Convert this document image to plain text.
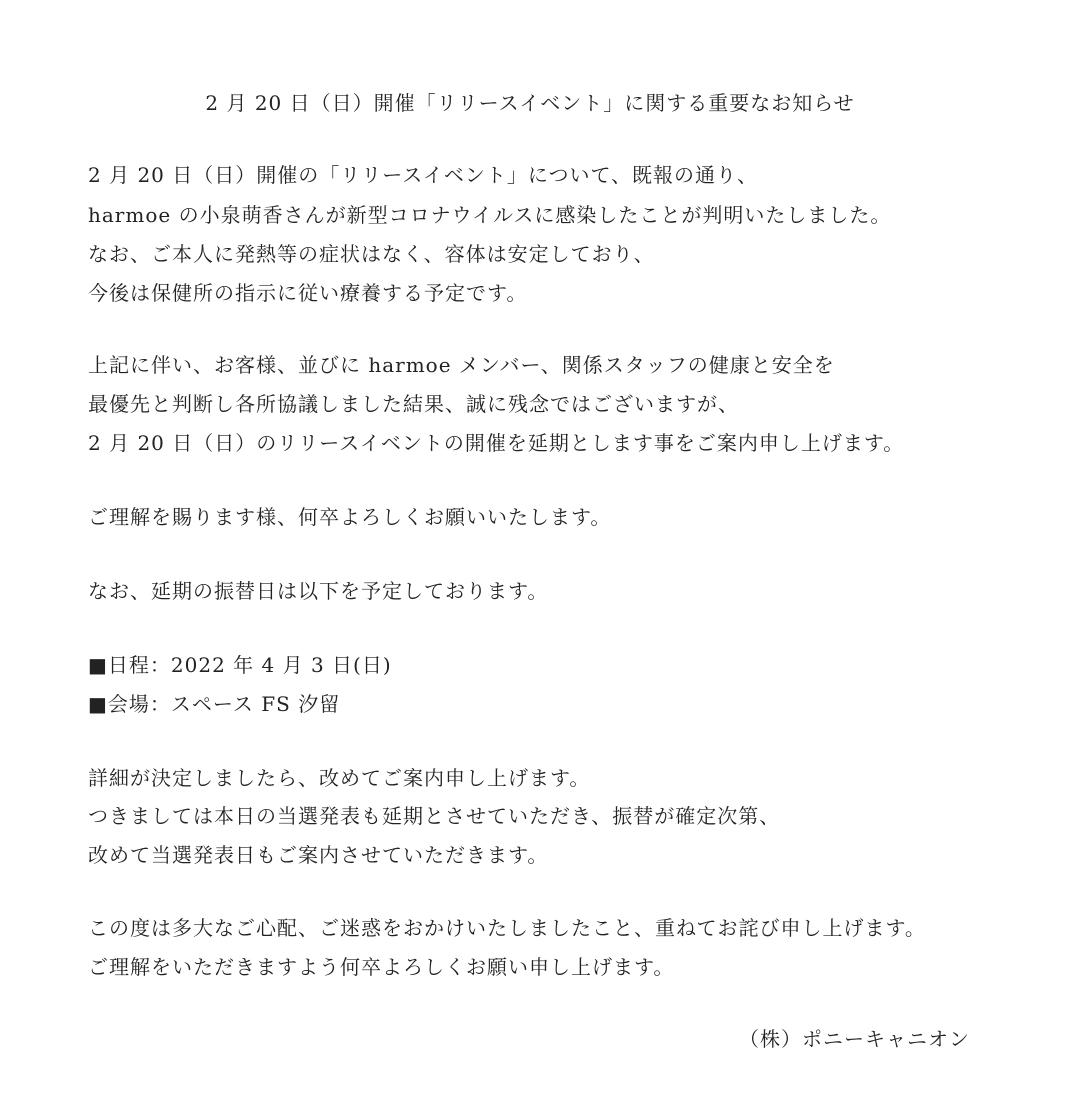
2 月 20 日（日）開催「リリースイベント」に関する重要なお知らせ
2 月 20 日（日）開催の「リリースイベント」について、既報の通り、
harmoe の小泉萌香さんが新型コロナウイルスに感染したことが判明いたしました。
なお、ご本人に発熱等の症状はなく、容体は安定しており、
今後は保健所の指示に従い療養する予定です。
上記に伴い、お客様、並びに harmoe メンバー、関係スタッフの健康と安全を
最優先と判断し各所協議しました結果、誠に残念ではございますが、
2 月 20 日（日）のリリースイベントの開催を延期とします事をご案内申し上げます。
ご理解を賜ります様、何卒よろしくお願いいたします。
なお、延期の振替日は以下を予定しております。
■日程：2022 年 4 月 3 日(日)
■会場：スペース FS 汐留
詳細が決定しましたら、改めてご案内申し上げます。
つきましては本日の当選発表も延期とさせていただき、振替が確定次第、
改めて当選発表日もご案内させていただきます。
この度は多大なご心配、ご迷惑をおかけいたしましたこと、重ねてお詫び申し上げます。
ご理解をいただきますよう何卒よろしくお願い申し上げます。
（株）ポニーキャニオン
